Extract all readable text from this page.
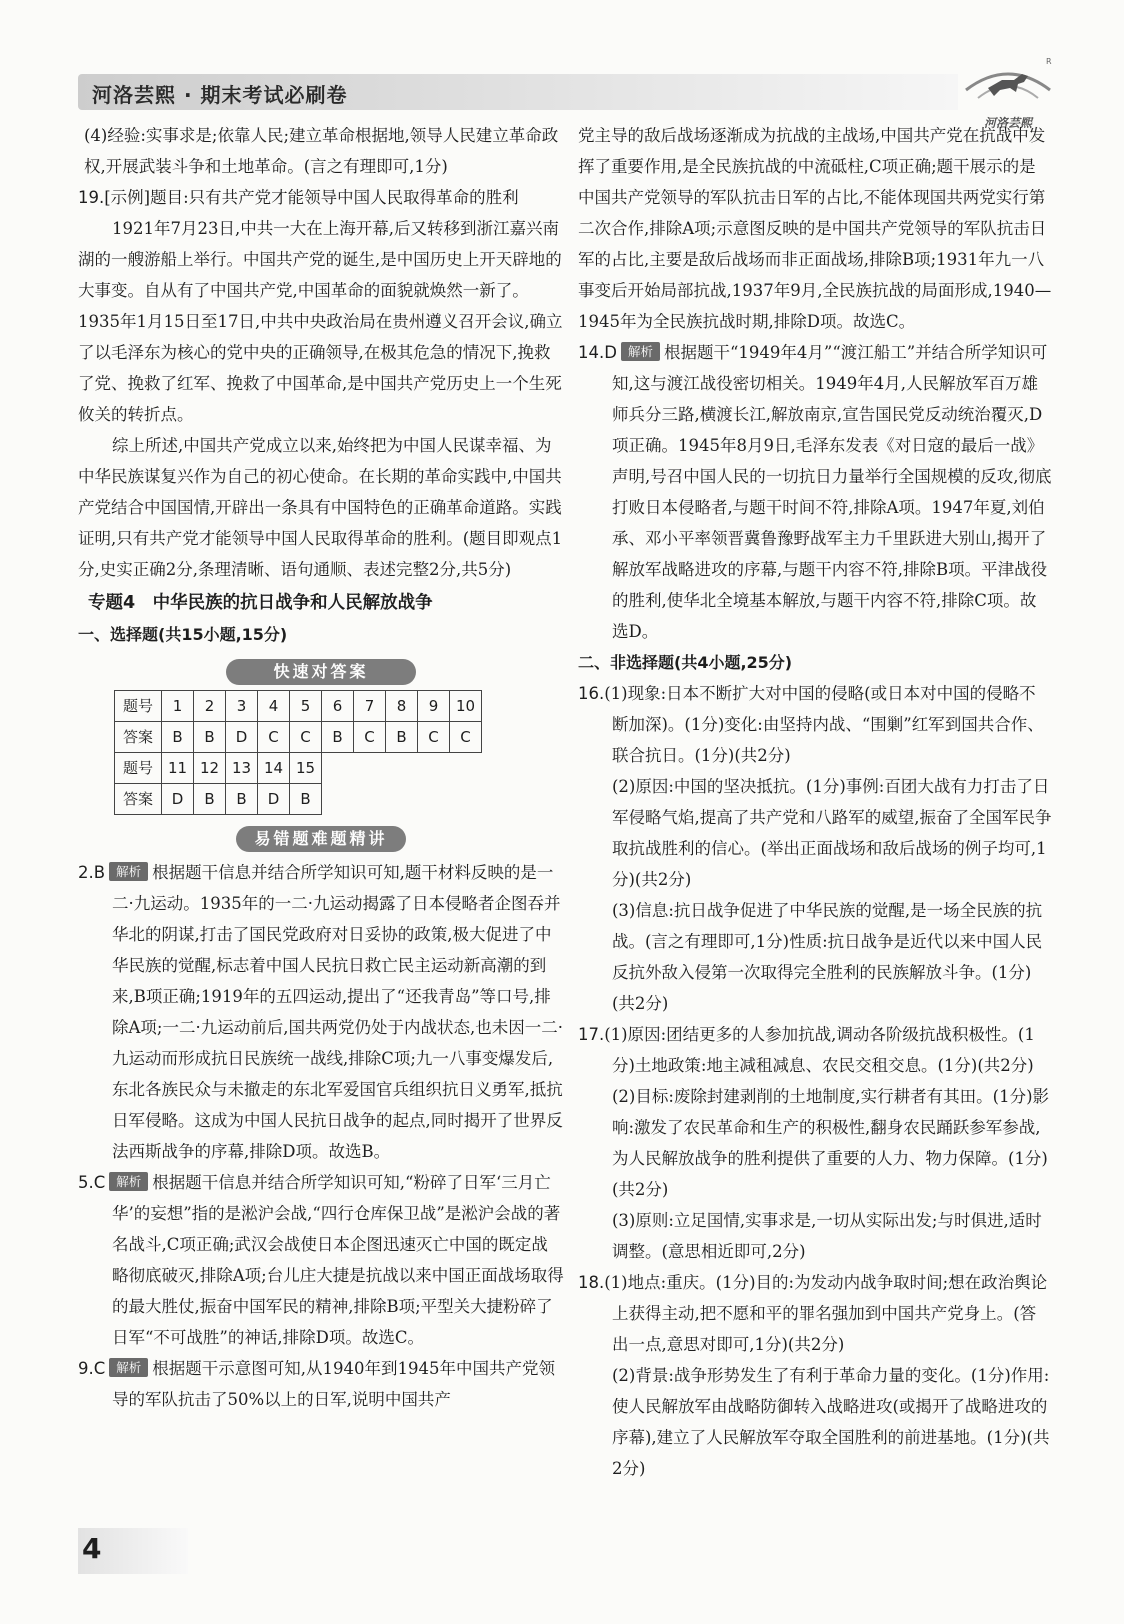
河洛芸熙 · 期末考试必刷卷
R
河洛芸熙

(4)经验:实事求是;依靠人民;建立革命根据地,领导人民建立革命政权,开展武装斗争和土地革命。(言之有理即可,1分)

19.[示例]题目:只有共产党才能领导中国人民取得革命的胜利

1921年7月23日,中共一大在上海开幕,后又转移到浙江嘉兴南湖的一艘游船上举行。中国共产党的诞生,是中国历史上开天辟地的大事变。自从有了中国共产党,中国革命的面貌就焕然一新了。1935年1月15日至17日,中共中央政治局在贵州遵义召开会议,确立了以毛泽东为核心的党中央的正确领导,在极其危急的情况下,挽救了党、挽救了红军、挽救了中国革命,是中国共产党历史上一个生死攸关的转折点。

综上所述,中国共产党成立以来,始终把为中国人民谋幸福、为中华民族谋复兴作为自己的初心使命。在长期的革命实践中,中国共产党结合中国国情,开辟出一条具有中国特色的正确革命道路。实践证明,只有共产党才能领导中国人民取得革命的胜利。(题目即观点1分,史实正确2分,条理清晰、语句通顺、表述完整2分,共5分)

专题4　中华民族的抗日战争和人民解放战争
一、选择题(共15小题,15分)
快速对答案
题号	1	2	3	4	5	6	7	8	9	10
答案	B	B	D	C	C	B	C	B	C	C
题号	11	12	13	14	15					
答案	D	B	B	D	B					
易错题难题精讲

2.B 解析 根据题干信息并结合所学知识可知,题干材料反映的是一二·九运动。1935年的一二·九运动揭露了日本侵略者企图吞并华北的阴谋,打击了国民党政府对日妥协的政策,极大促进了中华民族的觉醒,标志着中国人民抗日救亡民主运动新高潮的到来,B项正确;1919年的五四运动,提出了“还我青岛”等口号,排除A项;一二·九运动前后,国共两党仍处于内战状态,也未因一二·九运动而形成抗日民族统一战线,排除C项;九一八事变爆发后,东北各族民众与未撤走的东北军爱国官兵组织抗日义勇军,抵抗日军侵略。这成为中国人民抗日战争的起点,同时揭开了世界反法西斯战争的序幕,排除D项。故选B。

5.C 解析 根据题干信息并结合所学知识可知,“粉碎了日军‘三月亡华’的妄想”指的是淞沪会战,“四行仓库保卫战”是淞沪会战的著名战斗,C项正确;武汉会战使日本企图迅速灭亡中国的既定战略彻底破灭,排除A项;台儿庄大捷是抗战以来中国正面战场取得的最大胜仗,振奋中国军民的精神,排除B项;平型关大捷粉碎了日军“不可战胜”的神话,排除D项。故选C。

9.C 解析 根据题干示意图可知,从1940年到1945年中国共产党领导的军队抗击了50%以上的日军,说明中国共产

党主导的敌后战场逐渐成为抗战的主战场,中国共产党在抗战中发挥了重要作用,是全民族抗战的中流砥柱,C项正确;题干展示的是中国共产党领导的军队抗击日军的占比,不能体现国共两党实行第二次合作,排除A项;示意图反映的是中国共产党领导的军队抗击日军的占比,主要是敌后战场而非正面战场,排除B项;1931年九一八事变后开始局部抗战,1937年9月,全民族抗战的局面形成,1940—1945年为全民族抗战时期,排除D项。故选C。

14.D 解析 根据题干“1949年4月”“渡江船工”并结合所学知识可知,这与渡江战役密切相关。1949年4月,人民解放军百万雄师兵分三路,横渡长江,解放南京,宣告国民党反动统治覆灭,D项正确。1945年8月9日,毛泽东发表《对日寇的最后一战》声明,号召中国人民的一切抗日力量举行全国规模的反攻,彻底打败日本侵略者,与题干时间不符,排除A项。1947年夏,刘伯承、邓小平率领晋冀鲁豫野战军主力千里跃进大别山,揭开了解放军战略进攻的序幕,与题干内容不符,排除B项。平津战役的胜利,使华北全境基本解放,与题干内容不符,排除C项。故选D。

二、非选择题(共4小题,25分)

16.(1)现象:日本不断扩大对中国的侵略(或日本对中国的侵略不断加深)。(1分)变化:由坚持内战、“围剿”红军到国共合作、联合抗日。(1分)(共2分)

(2)原因:中国的坚决抵抗。(1分)事例:百团大战有力打击了日军侵略气焰,提高了共产党和八路军的威望,振奋了全国军民争取抗战胜利的信心。(举出正面战场和敌后战场的例子均可,1分)(共2分)

(3)信息:抗日战争促进了中华民族的觉醒,是一场全民族的抗战。(言之有理即可,1分)性质:抗日战争是近代以来中国人民反抗外敌入侵第一次取得完全胜利的民族解放斗争。(1分)(共2分)

17.(1)原因:团结更多的人参加抗战,调动各阶级抗战积极性。(1分)土地政策:地主减租减息、农民交租交息。(1分)(共2分)

(2)目标:废除封建剥削的土地制度,实行耕者有其田。(1分)影响:激发了农民革命和生产的积极性,翻身农民踊跃参军参战,为人民解放战争的胜利提供了重要的人力、物力保障。(1分)(共2分)

(3)原则:立足国情,实事求是,一切从实际出发;与时俱进,适时调整。(意思相近即可,2分)

18.(1)地点:重庆。(1分)目的:为发动内战争取时间;想在政治舆论上获得主动,把不愿和平的罪名强加到中国共产党身上。(答出一点,意思对即可,1分)(共2分)

(2)背景:战争形势发生了有利于革命力量的变化。(1分)作用:使人民解放军由战略防御转入战略进攻(或揭开了战略进攻的序幕),建立了人民解放军夺取全国胜利的前进基地。(1分)(共2分)

4
